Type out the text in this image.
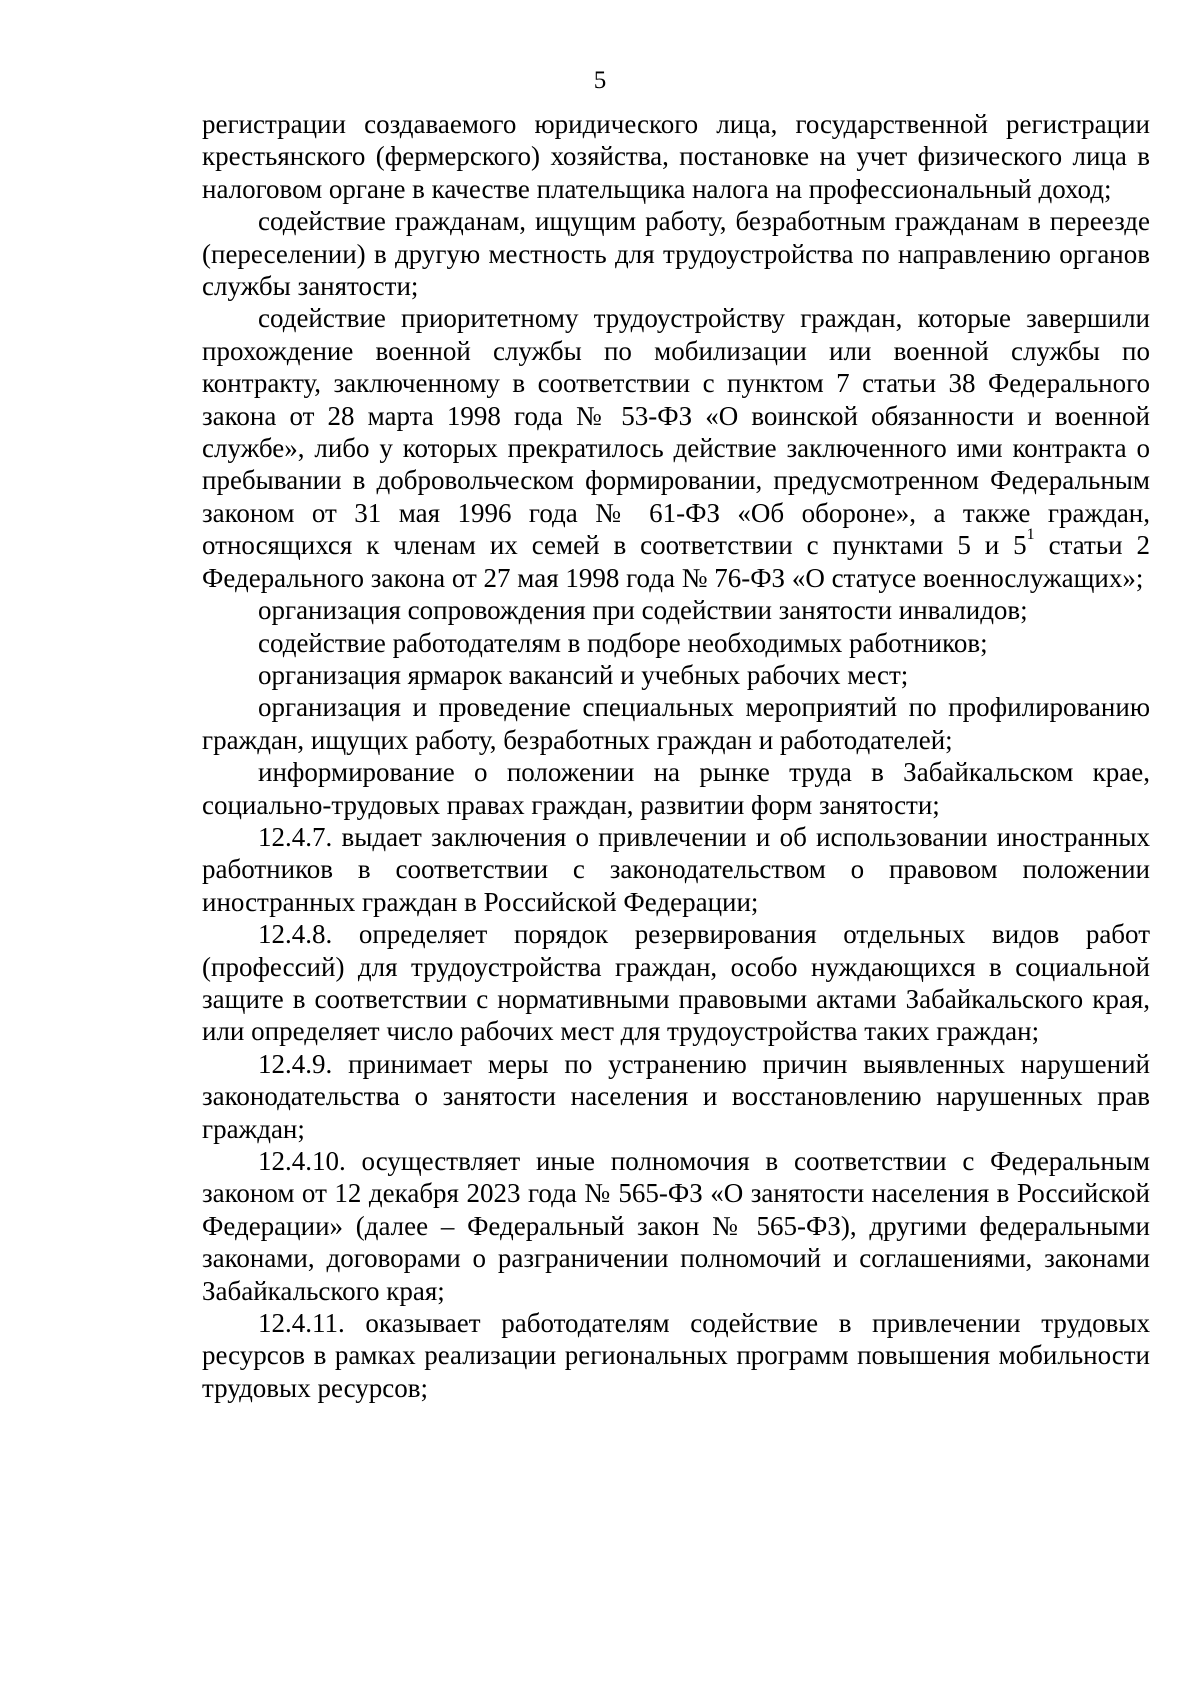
5

регистрации создаваемого юридического лица, государственной регистрации крестьянского (фермерского) хозяйства, постановке на учет физического лица в налоговом органе в качестве плательщика налога на профессиональный доход;

содействие гражданам, ищущим работу, безработным гражданам в переезде (переселении) в другую местность для трудоустройства по направлению органов службы занятости;

содействие приоритетному трудоустройству граждан, которые завершили прохождение военной службы по мобилизации или военной службы по контракту, заключенному в соответствии с пунктом 7 статьи 38 Федерального закона от 28 марта 1998 года № 53-ФЗ «О воинской обязанности и военной службе», либо у которых прекратилось действие заключенного ими контракта о пребывании в добровольческом формировании, предусмотренном Федеральным законом от 31 мая 1996 года № 61-ФЗ «Об обороне», а также граждан, относящихся к членам их семей в соответствии с пунктами 5 и $5^1$ статьи 2 Федерального закона от 27 мая 1998 года № 76-ФЗ «О статусе военнослужащих»;

организация сопровождения при содействии занятости инвалидов;

содействие работодателям в подборе необходимых работников;

организация ярмарок вакансий и учебных рабочих мест;

организация и проведение специальных мероприятий по профилированию граждан, ищущих работу, безработных граждан и работодателей;

информирование о положении на рынке труда в Забайкальском крае, социально-трудовых правах граждан, развитии форм занятости;

12.4.7. выдает заключения о привлечении и об использовании иностранных работников в соответствии с законодательством о правовом положении иностранных граждан в Российской Федерации;

12.4.8. определяет порядок резервирования отдельных видов работ (профессий) для трудоустройства граждан, особо нуждающихся в социальной защите в соответствии с нормативными правовыми актами Забайкальского края, или определяет число рабочих мест для трудоустройства таких граждан;

12.4.9. принимает меры по устранению причин выявленных нарушений законодательства о занятости населения и восстановлению нарушенных прав граждан;

12.4.10. осуществляет иные полномочия в соответствии с Федеральным законом от 12 декабря 2023 года № 565-ФЗ «О занятости населения в Российской Федерации» (далее – Федеральный закон № 565-ФЗ), другими федеральными законами, договорами о разграничении полномочий и соглашениями, законами Забайкальского края;

12.4.11. оказывает работодателям содействие в привлечении трудовых ресурсов в рамках реализации региональных программ повышения мобильности трудовых ресурсов;
